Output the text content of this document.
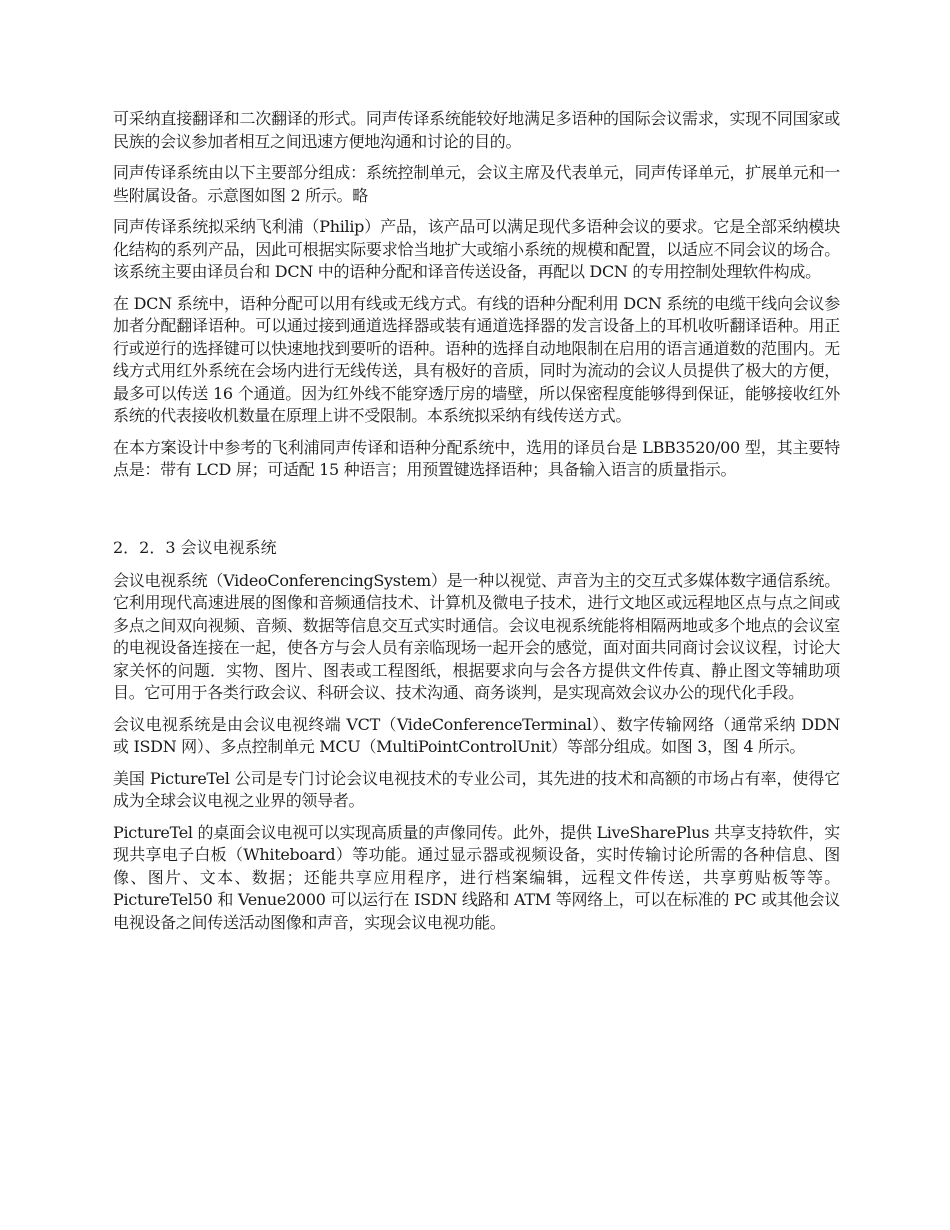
可采纳直接翻译和二次翻译的形式。同声传译系统能较好地满足多语种的国际会议需求，实现不同国家或民族的会议参加者相互之间迅速方便地沟通和讨论的目的。

同声传译系统由以下主要部分组成：系统控制单元，会议主席及代表单元，同声传译单元，扩展单元和一些附属设备。示意图如图 2 所示。略

同声传译系统拟采纳飞利浦（Philip）产品，该产品可以满足现代多语种会议的要求。它是全部采纳模块化结构的系列产品，因此可根据实际要求恰当地扩大或缩小系统的规模和配置，以适应不同会议的场合。该系统主要由译员台和 DCN 中的语种分配和译音传送设备，再配以 DCN 的专用控制处理软件构成。

在 DCN 系统中，语种分配可以用有线或无线方式。有线的语种分配利用 DCN 系统的电缆干线向会议参加者分配翻译语种。可以通过接到通道选择器或装有通道选择器的发言设备上的耳机收听翻译语种。用正行或逆行的选择键可以快速地找到要听的语种。语种的选择自动地限制在启用的语言通道数的范围内。无线方式用红外系统在会场内进行无线传送，具有极好的音质，同时为流动的会议人员提供了极大的方便，最多可以传送 16 个通道。因为红外线不能穿透厅房的墙壁，所以保密程度能够得到保证，能够接收红外系统的代表接收机数量在原理上讲不受限制。本系统拟采纳有线传送方式。

在本方案设计中参考的飞利浦同声传译和语种分配系统中，选用的译员台是 LBB3520/00 型，其主要特点是：带有 LCD 屏；可适配 15 种语言；用预置键选择语种；具备输入语言的质量指示。

2．2．3 会议电视系统

会议电视系统（VideoConferencingSystem）是一种以视觉、声音为主的交互式多媒体数字通信系统。它利用现代高速进展的图像和音频通信技术、计算机及微电子技术，进行文地区或远程地区点与点之间或多点之间双向视频、音频、数据等信息交互式实时通信。会议电视系统能将相隔两地或多个地点的会议室的电视设备连接在一起，使各方与会人员有亲临现场一起开会的感觉，面对面共同商讨会议议程，讨论大家关怀的问题．实物、图片、图表或工程图纸，根据要求向与会各方提供文件传真、静止图文等辅助项目。它可用于各类行政会议、科研会议、技术沟通、商务谈判，是实现高效会议办公的现代化手段。

会议电视系统是由会议电视终端 VCT（VideConferenceTerminal）、数字传输网络（通常采纳 DDN 或 ISDN 网）、多点控制单元 MCU（MultiPointControlUnit）等部分组成。如图 3，图 4 所示。

美国 PictureTel 公司是专门讨论会议电视技术的专业公司，其先进的技术和高额的市场占有率，使得它成为全球会议电视之业界的领导者。

PictureTel 的桌面会议电视可以实现高质量的声像同传。此外，提供 LiveSharePlus 共享支持软件，实现共享电子白板（Whiteboard）等功能。通过显示器或视频设备，实时传输讨论所需的各种信息、图像、图片、文本、数据；还能共享应用程序，进行档案编辑，远程文件传送，共享剪贴板等等。PictureTel50 和 Venue2000 可以运行在 ISDN 线路和 ATM 等网络上，可以在标准的 PC 或其他会议电视设备之间传送活动图像和声音，实现会议电视功能。
